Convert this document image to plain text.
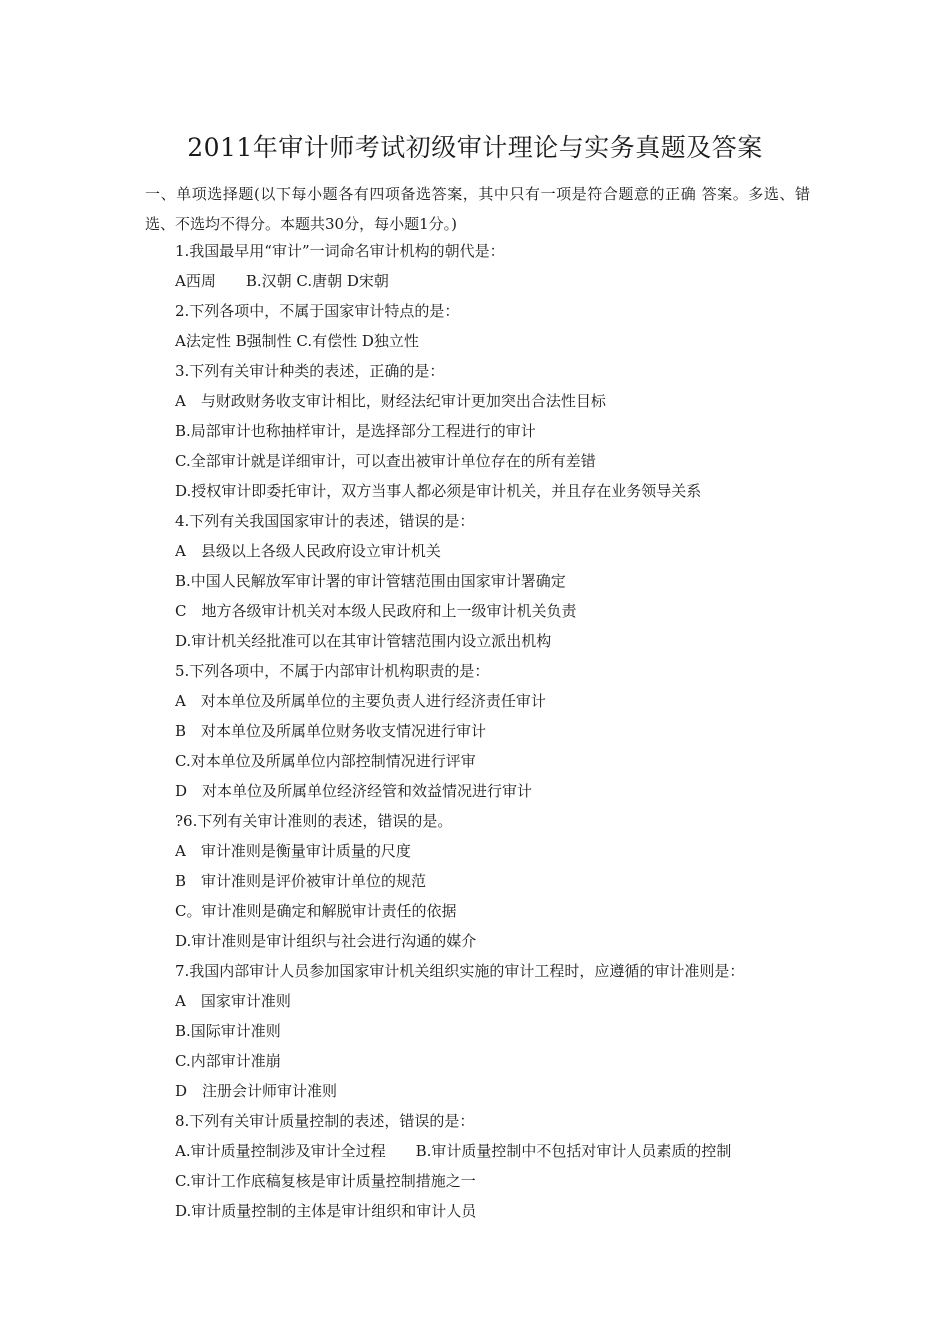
2011年审计师考试初级审计理论与实务真题及答案

一、单项选择题(以下每小题各有四项备选答案，其中只有一项是符合题意的正确 答案。多选、错选、不选均不得分。本题共30分，每小题1分。)

1.我国最早用“审计”一词命名审计机构的朝代是：
A西周　　B.汉朝 C.唐朝 D宋朝
2.下列各项中，不属于国家审计特点的是：
A法定性 B强制性 C.有偿性 D独立性
3.下列有关审计种类的表述，正确的是：
A　与财政财务收支审计相比，财经法纪审计更加突出合法性目标
B.局部审计也称抽样审计，是选择部分工程进行的审计
C.全部审计就是详细审计，可以查出被审计单位存在的所有差错
D.授权审计即委托审计，双方当事人都必须是审计机关，并且存在业务领导关系
4.下列有关我国国家审计的表述，错误的是：
A　县级以上各级人民政府设立审计机关
B.中国人民解放军审计署的审计管辖范围由国家审计署确定
C　地方各级审计机关对本级人民政府和上一级审计机关负责
D.审计机关经批准可以在其审计管辖范围内设立派出机构
5.下列各项中，不属于内部审计机构职责的是：
A　对本单位及所属单位的主要负责人进行经济责任审计
B　对本单位及所属单位财务收支情况进行审计
C.对本单位及所属单位内部控制情况进行评审
D　对本单位及所属单位经济经管和效益情况进行审计
?6.下列有关审计准则的表述，错误的是。
A　审计准则是衡量审计质量的尺度
B　审计准则是评价被审计单位的规范
C。审计准则是确定和解脱审计责任的依据
D.审计准则是审计组织与社会进行沟通的媒介
7.我国内部审计人员参加国家审计机关组织实施的审计工程时，应遵循的审计准则是：
A　国家审计准则
B.国际审计准则
C.内部审计准崩
D　注册会计师审计准则
8.下列有关审计质量控制的表述，错误的是：
A.审计质量控制涉及审计全过程　　B.审计质量控制中不包括对审计人员素质的控制
C.审计工作底稿复核是审计质量控制措施之一
D.审计质量控制的主体是审计组织和审计人员
